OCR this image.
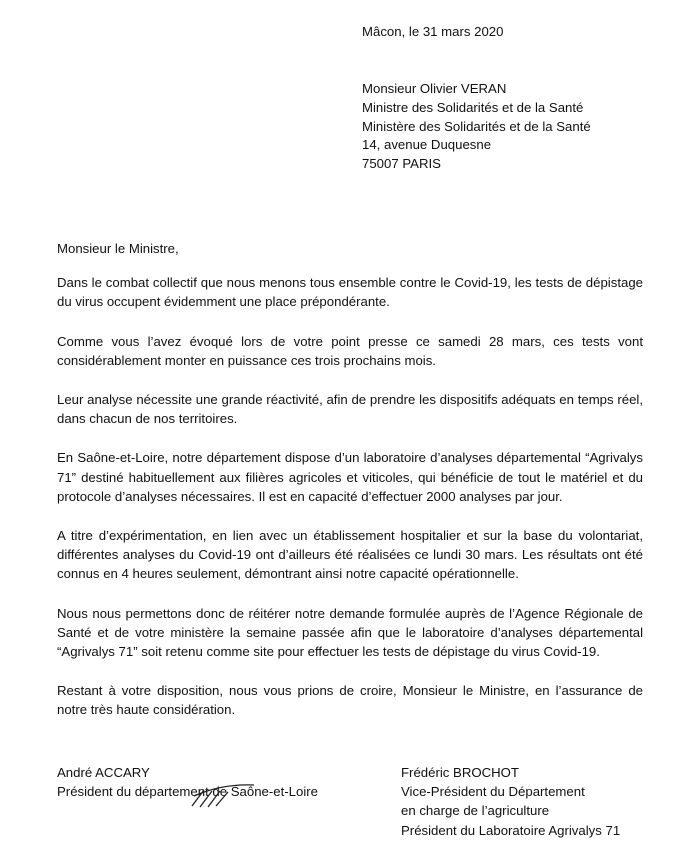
Mâcon, le 31 mars 2020
Monsieur Olivier VERAN
Ministre des Solidarités et de la Santé
Ministère des Solidarités et de la Santé
14, avenue Duquesne
75007 PARIS

Monsieur le Ministre,

Dans le combat collectif que nous menons tous ensemble contre le Covid-19, les tests de dépistage du virus occupent évidemment une place prépondérante.

Comme vous l’avez évoqué lors de votre point presse ce samedi 28 mars, ces tests vont considérablement monter en puissance ces trois prochains mois.

Leur analyse nécessite une grande réactivité, afin de prendre les dispositifs adéquats en temps réel, dans chacun de nos territoires.

En Saône-et-Loire, notre département dispose d’un laboratoire d’analyses départemental “Agrivalys 71” destiné habituellement aux filières agricoles et viticoles, qui bénéficie de tout le matériel et du protocole d’analyses nécessaires. Il est en capacité d’effectuer 2000 analyses par jour.

A titre d’expérimentation, en lien avec un établissement hospitalier et sur la base du volontariat, différentes analyses du Covid-19 ont d’ailleurs été réalisées ce lundi 30 mars. Les résultats ont été connus en 4 heures seulement, démontrant ainsi notre capacité opérationnelle.

Nous nous permettons donc de réitérer notre demande formulée auprès de l’Agence Régionale de Santé et de votre ministère la semaine passée afin que le laboratoire d’analyses départemental “Agrivalys 71” soit retenu comme site pour effectuer les tests de dépistage du virus Covid-19.

Restant à votre disposition, nous vous prions de croire, Monsieur le Ministre, en l’assurance de notre très haute considération.

André ACCARY
Président du département de Saône-et-Loire
Frédéric BROCHOT
Vice-Président du Département
en charge de l’agriculture
Président du Laboratoire Agrivalys 71
